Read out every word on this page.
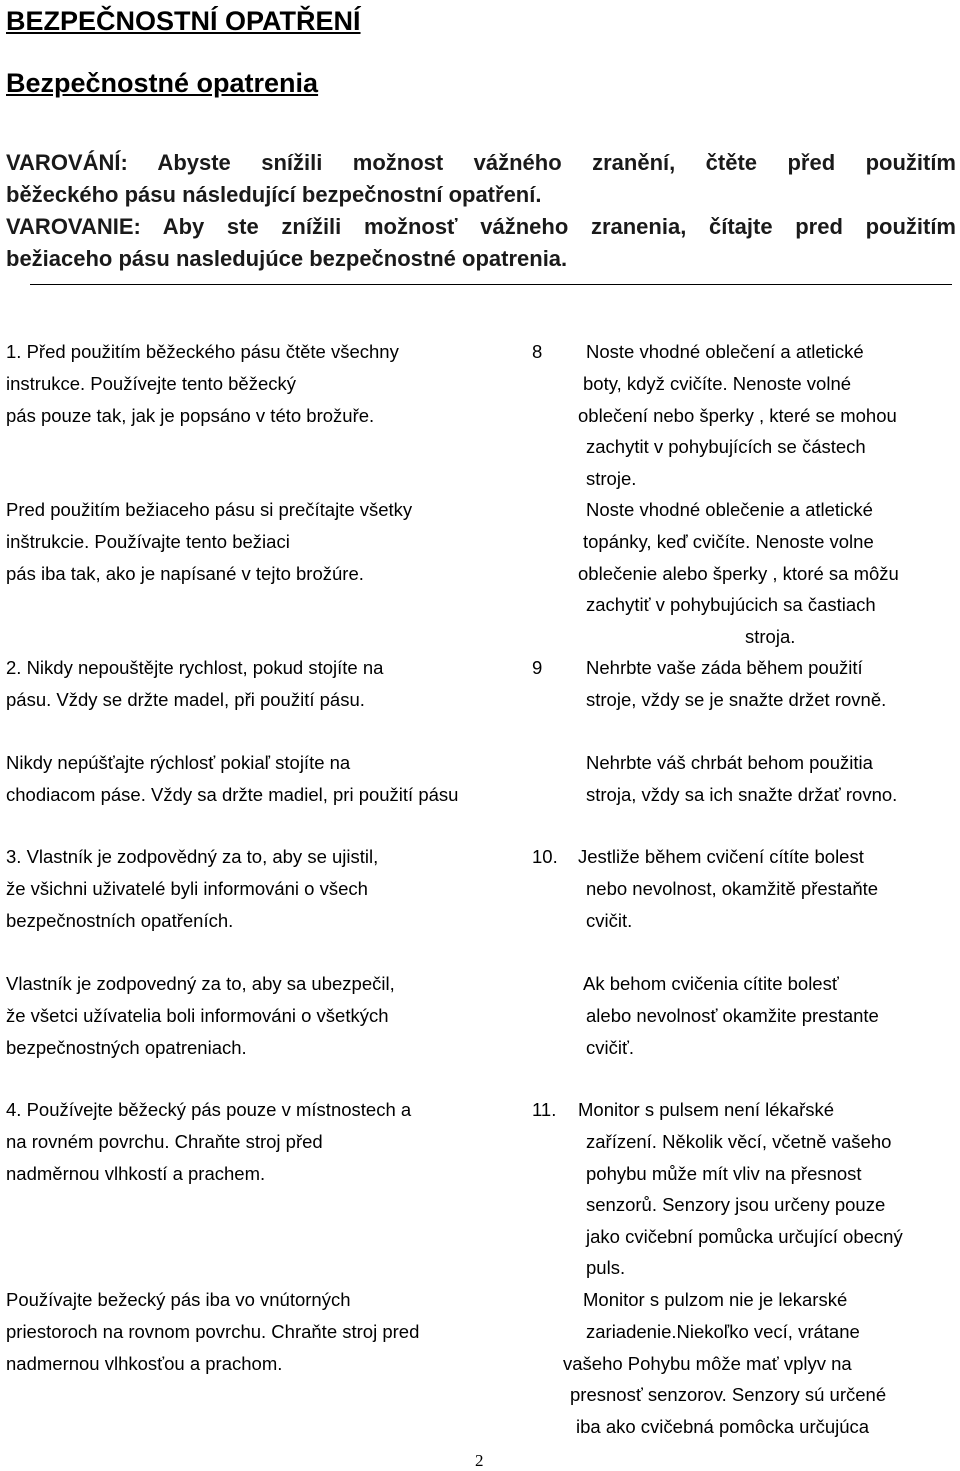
BEZPEČNOSTNÍ OPATŘENÍ
Bezpečnostné opatrenia
VAROVÁNÍ: Abyste snížili možnost vážného zranění, čtěte před použitím
běžeckého pásu následující bezpečnostní opatření.
VAROVANIE: Aby ste znížili možnosť vážneho zranenia, čítajte pred použitím
bežiaceho pásu nasledujúce bezpečnostné opatrenia.
1. Před použitím běžeckého pásu čtěte všechny
instrukce. Používejte tento běžecký
pás pouze tak, jak je popsáno v této brožuře.
Pred použitím bežiaceho pásu si prečítajte všetky
inštrukcie. Používajte tento bežiaci
pás iba tak, ako je napísané v tejto brožúre.
2. Nikdy nepouštějte rychlost, pokud stojíte na
pásu. Vždy se držte madel, při použití pásu.
Nikdy nepúšťajte rýchlosť pokiaľ stojíte na
chodiacom páse. Vždy sa držte madiel, pri použití pásu
3. Vlastník je zodpovědný za to, aby se ujistil,
že všichni uživatelé byli informováni o všech
bezpečnostních opatřeních.
Vlastník je zodpovedný za to, aby sa ubezpečil,
že všetci užívatelia boli informováni o všetkých
bezpečnostných opatreniach.
4. Používejte běžecký pás pouze v místnostech a
na rovném povrchu. Chraňte stroj před
nadměrnou vlhkostí a prachem.
Používajte bežecký pás iba vo vnútorných
priestoroch na rovnom povrchu. Chraňte stroj pred
nadmernou vlhkosťou a prachom.
8 Noste vhodné oblečení a atletické
boty, když cvičíte. Nenoste volné
oblečení nebo šperky , které se mohou
zachytit v pohybujících se částech
stroje.
Noste vhodné oblečenie a atletické
topánky, keď cvičíte. Nenoste volne
oblečenie alebo šperky , ktoré sa môžu
zachytiť v pohybujúcich sa častiach
stroja.
9 Nehrbte vaše záda během použití
stroje, vždy se je snažte držet rovně.
Nehrbte váš chrbát behom použitia
stroja, vždy sa ich snažte držať rovno.
10. Jestliže během cvičení cítíte bolest
nebo nevolnost, okamžitě přestaňte
cvičit.
Ak behom cvičenia cítite bolesť
alebo nevolnosť okamžite prestante
cvičiť.
11. Monitor s pulsem není lékařské
zařízení. Několik věcí, včetně vašeho
pohybu může mít vliv na přesnost
senzorů. Senzory jsou určeny pouze
jako cvičební pomůcka určující obecný
puls.
Monitor s pulzom nie je lekarské
zariadenie.Niekoľko vecí, vrátane
vašeho Pohybu môže mať vplyv na
presnosť senzorov. Senzory sú určené
iba ako cvičebná pomôcka určujúca
2
